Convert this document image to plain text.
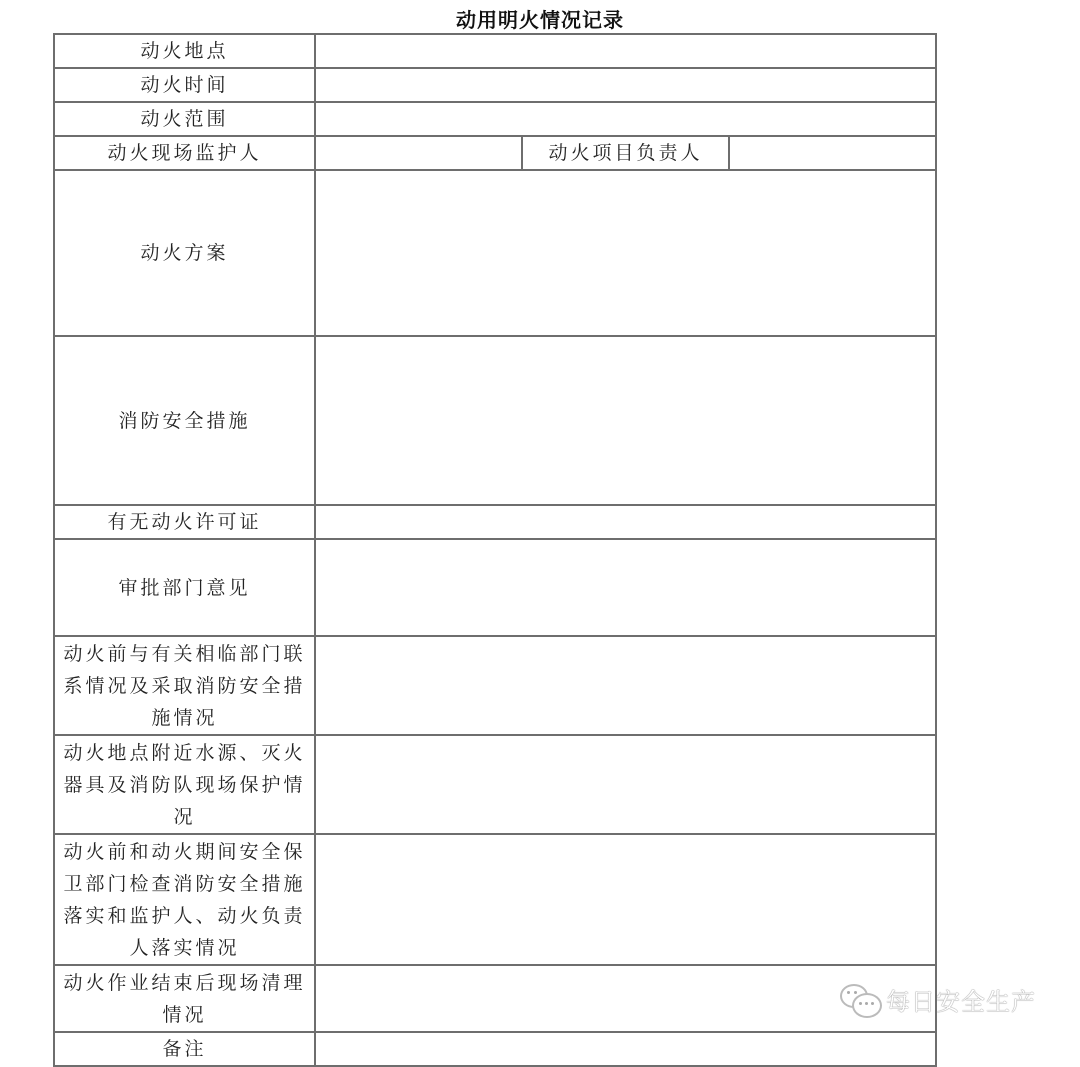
动用明火情况记录
动火地点			
动火时间			
动火范围			
动火现场监护人		动火项目负责人	
动火方案			
消防安全措施			
有无动火许可证			
审批部门意见			
动火前与有关相临部门联系情况及采取消防安全措施情况			
动火地点附近水源、灭火器具及消防队现场保护情况			
动火前和动火期间安全保卫部门检查消防安全措施落实和监护人、动火负责人落实情况			
动火作业结束后现场清理情况			
备注			
每日安全生产
